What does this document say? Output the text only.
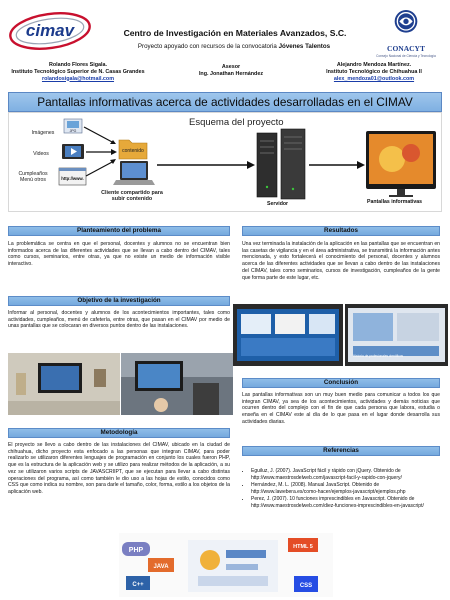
cimav	Centro de Investigación en Materiales Avanzados, S.C.
Proyecto apoyado con recursos de la convocatoria Jóvenes Talentos	CONACYT
Consejo Nacional de Ciencia y Tecnología
Rolando Flores Sigala.
Instituto Tecnológico Superior de N. Casas Grandes
rolandosigala@hotmail.com
Asesor
Ing. Jonathan Hernández
Alejandro Mendoza Martínez.
Instituto Tecnológico de Chihuahua II
alex_mendoza01@outlook.com
Pantallas informativas acerca de actividades desarrolladas en el CIMAV
Esquema del proyecto
Imágenes
Videos
Cumpleaños Menú otros
JPG
http://www.
contenido
Cliente compartido para subir contenido
Servidor	Pantallas informativas
Planteamiento del problema
La problemática se centra en que el personal, docentes y alumnos no se encuentran bien informados acerca de las diferentes actividades que se llevan a cabo dentro del CIMAV, tales como cursos, seminarios, entre otras, ya que no existe un medio de información visible interactivo.
Objetivo de la investigación
Informar al personal, docentes y alumnos de los acontecimientos importantes, tales como actividades, cumpleaños, menú de cafetería, entre otras, que pasan en el CIMAV por medio de unas pantallas que se colocaran en diversos puntos dentro de las instalaciones.
Metodología
El proyecto se llevo a cabo dentro de las instalaciones del CIMAV, ubicado en la ciudad de chihuahua, dicho proyecto esta enfocado a las personas que integran CIMAV, para poder realizarlo se utilizaron diferentes lenguajes de programación en conjunto los cuales fueron PHP, que es la estructura de la aplicación web y se utilizo para realizar métodos de la aplicación, a su vez se utilizaron varios scripts de JAVASCRIIPT, que se ejecutan para llevar a cabo distintas operaciones del programa, así como también le dio uso a las hojas de estilo, conocidos como CSS que como indica su nombre, son para darle el tamaño, color, forma, estilo a los objetos de la aplicación web.
Resultados
Una vez terminada la instalación de la aplicación en las pantallas que se encuentran en las casetas de vigilancia y en el área administrativa, se transmitirá la información antes mencionada, y esto fortalecerá el conocimiento del personal, docentes y alumnos acerca de las diferentes actividades que se llevan a cabo dentro de las instalaciones del CIMAV, tales como seminarios, cursos de investigación, cumpleaños de la gente que forma parte de este lugar, etc.
Historia de profesionales científicos
Conclusión
Las pantallas informativas son un muy buen medio para comunicar a todos los que integran CIMAV, ya sea de los acontecimientos, actividades y demás noticias que ocurren dentro del complejo con el fin de que cada persona que labora, estudia o enseña en el CIMAV este al día de lo que pasa en el lugar donde desarrolla sus actividades diarias.
Referencias
• Eguiluz, J. (2007). JavaScript fácil y rápido con jQuery. Obtenido de http://www.maestrosdelweb.com/javascript-facil-y-rapido-con-jquery/
• Hernández, M. L. (2008). Manual JavaScript. Obtenido de http://www.lawebera.es/como-hacer/ejemplos-javascript/ejemplos.php
• Perez, J. (2007). 10 funciones imprescindibles en Javascript. Obtenido de http://www.maestrosdelweb.com/diez-funciones-imprescindibles-en-javascript/
PHP
JAVA
C++
HTML 5
CSS
